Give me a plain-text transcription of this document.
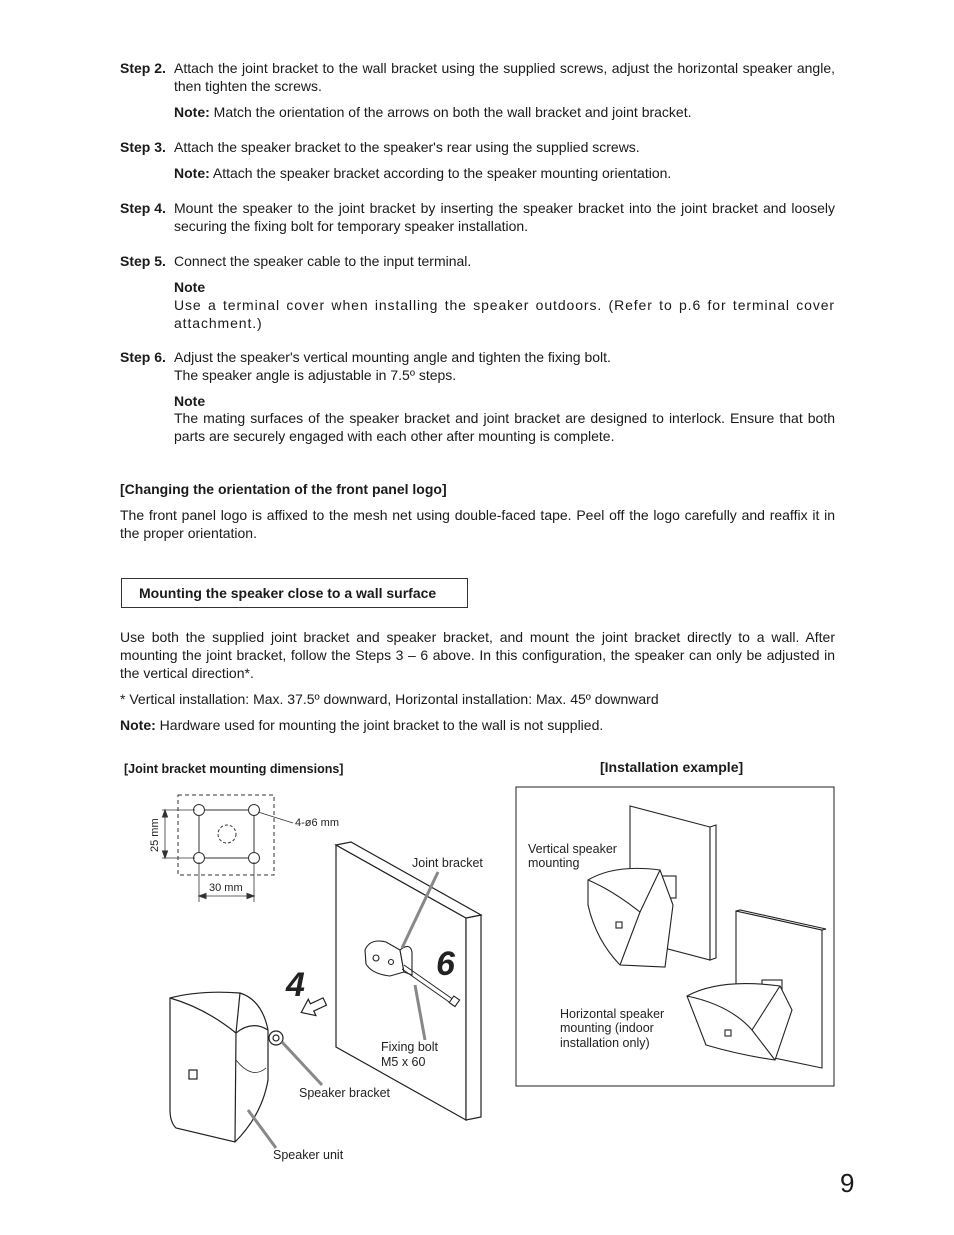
Step 2. Attach the joint bracket to the wall bracket using the supplied screws, adjust the horizontal speaker angle, then tighten the screws.
Note: Match the orientation of the arrows on both the wall bracket and joint bracket.
Step 3. Attach the speaker bracket to the speaker's rear using the supplied screws.
Note: Attach the speaker bracket according to the speaker mounting orientation.
Step 4. Mount the speaker to the joint bracket by inserting the speaker bracket into the joint bracket and loosely securing the fixing bolt for temporary speaker installation.
Step 5. Connect the speaker cable to the input terminal.
Note
Use a terminal cover when installing the speaker outdoors. (Refer to p.6 for terminal cover attachment.)
Step 6. Adjust the speaker's vertical mounting angle and tighten the fixing bolt.
The speaker angle is adjustable in 7.5º steps.
Note
The mating surfaces of the speaker bracket and joint bracket are designed to interlock. Ensure that both parts are securely engaged with each other after mounting is complete.
[Changing the orientation of the front panel logo]
The front panel logo is affixed to the mesh net using double-faced tape. Peel off the logo carefully and reaffix it in the proper orientation.
Mounting the speaker close to a wall surface
Use both the supplied joint bracket and speaker bracket, and mount the joint bracket directly to a wall. After mounting the joint bracket, follow the Steps 3 – 6 above. In this configuration, the speaker can only be adjusted in the vertical direction*.
* Vertical installation: Max. 37.5º downward, Horizontal installation: Max. 45º downward
Note: Hardware used for mounting the joint bracket to the wall is not supplied.
[Joint bracket mounting dimensions]	[Installation example]
25 mm
30 mm
4-ø6 mm
Joint bracket
6
4
Fixing bolt
M5 x 60
Speaker bracket
Speaker unit
Vertical speaker
mounting
Horizontal speaker
mounting (indoor
installation only)
9
